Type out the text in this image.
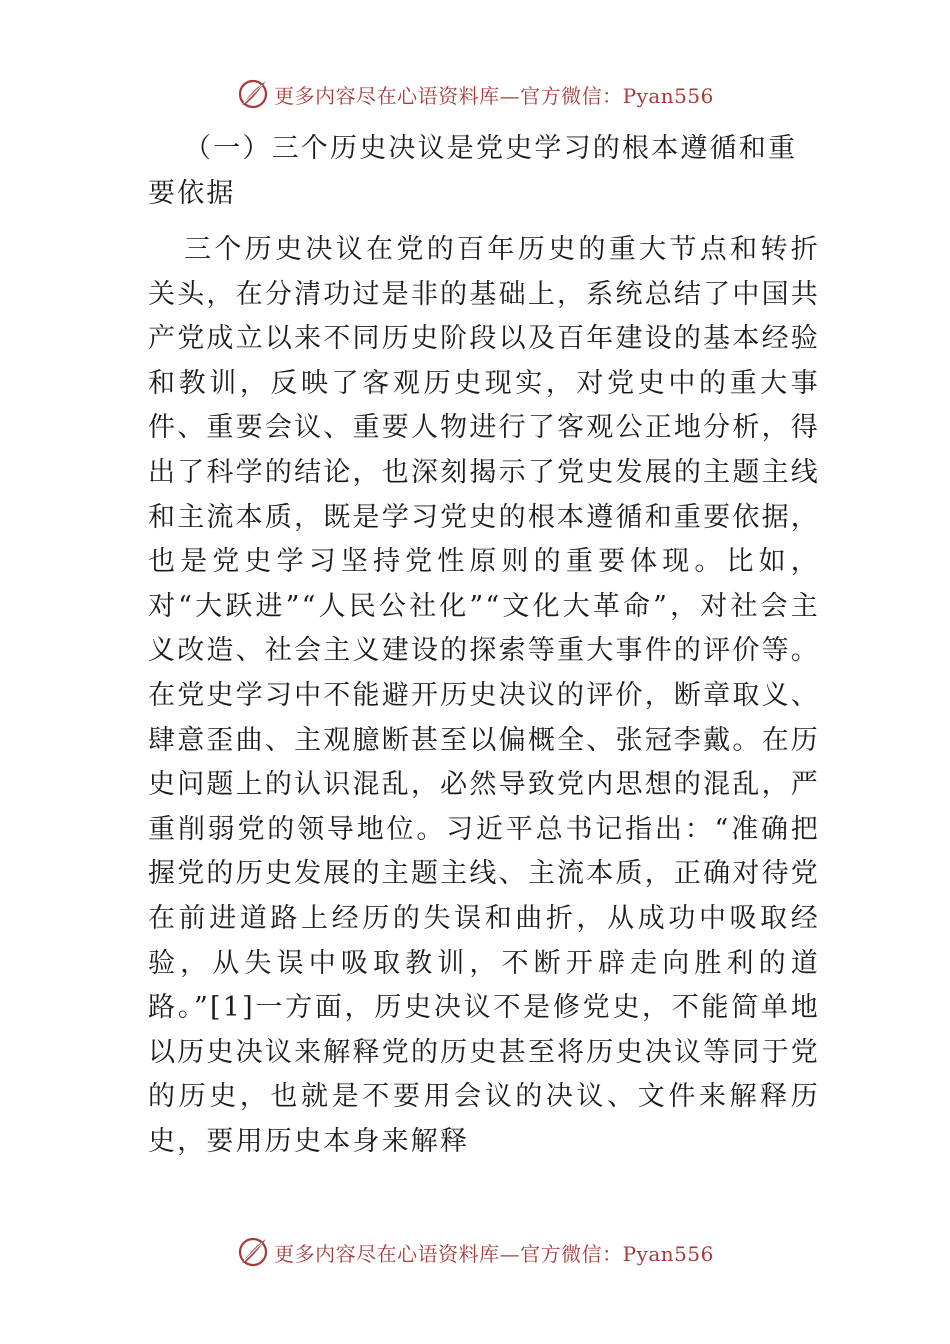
更多内容尽在心语资料库—官方微信：Pyan556
（一）三个历史决议是党史学习的根本遵循和重要依据

三个历史决议在党的百年历史的重大节点和转折关头，在分清功过是非的基础上，系统总结了中国共产党成立以来不同历史阶段以及百年建设的基本经验和教训，反映了客观历史现实，对党史中的重大事件、重要会议、重要人物进行了客观公正地分析，得出了科学的结论，也深刻揭示了党史发展的主题主线和主流本质，既是学习党史的根本遵循和重要依据，也是党史学习坚持党性原则的重要体现。比如，对“大跃进”“人民公社化”“文化大革命”，对社会主义改造、社会主义建设的探索等重大事件的评价等。在党史学习中不能避开历史决议的评价，断章取义、肆意歪曲、主观臆断甚至以偏概全、张冠李戴。在历史问题上的认识混乱，必然导致党内思想的混乱，严重削弱党的领导地位。习近平总书记指出：“准确把握党的历史发展的主题主线、主流本质，正确对待党在前进道路上经历的失误和曲折，从成功中吸取经验，从失误中吸取教训，不断开辟走向胜利的道路。”[1]一方面，历史决议不是修党史，不能简单地以历史决议来解释党的历史甚至将历史决议等同于党的历史，也就是不要用会议的决议、文件来解释历史，要用历史本身来解释

更多内容尽在心语资料库—官方微信：Pyan556
